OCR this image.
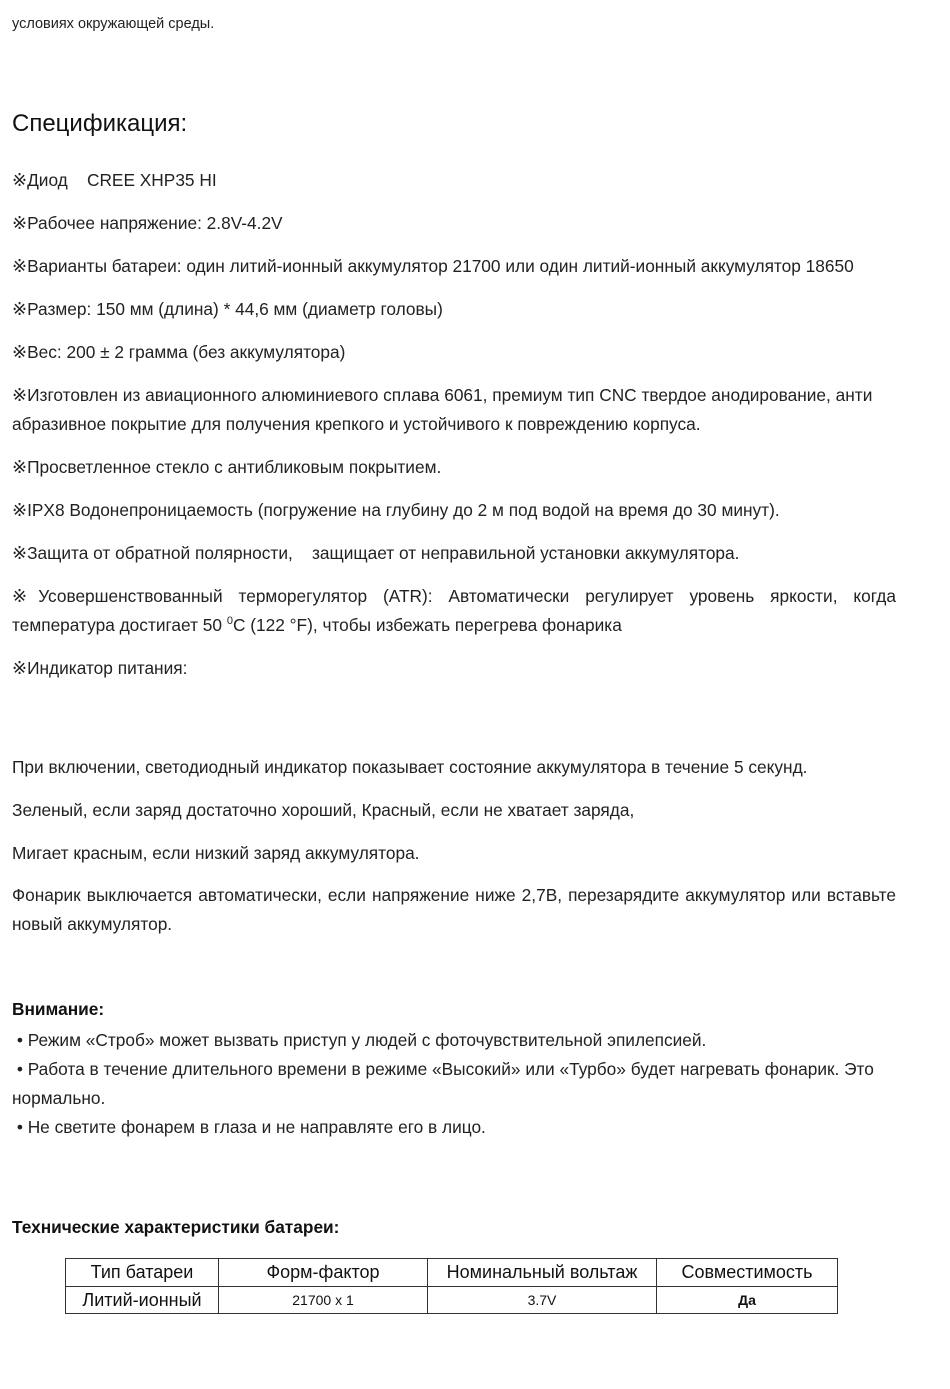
условиях окружающей среды.
Спецификация:
※Диод    CREE XHP35 HI
※Рабочее напряжение: 2.8V-4.2V
※Варианты батареи: один литий-ионный аккумулятор 21700 или один литий-ионный аккумулятор 18650
※Размер: 150 мм (длина) * 44,6 мм (диаметр головы)
※Вес: 200 ± 2 грамма (без аккумулятора)
※Изготовлен из авиационного алюминиевого сплава 6061, премиум тип CNC твердое анодирование, анти абразивное покрытие для получения крепкого и устойчивого к повреждению корпуса.
※Просветленное стекло с антибликовым покрытием.
※IPX8 Водонепроницаемость (погружение на глубину до 2 м под водой на время до 30 минут).
※Защита от обратной полярности,    защищает от неправильной установки аккумулятора.
※Усовершенствованный терморегулятор (ATR): Автоматически регулирует уровень яркости, когда температура достигает 50 $^0$C (122 °F), чтобы избежать перегрева фонарика
※Индикатор питания:

При включении, светодиодный индикатор показывает состояние аккумулятора в течение 5 секунд.

Зеленый, если заряд достаточно хороший, Красный, если не хватает заряда,

Мигает красным, если низкий заряд аккумулятора.

Фонарик выключается автоматически, если напряжение ниже 2,7В, перезарядите аккумулятор или вставьте новый аккумулятор.

Внимание:
• Режим «Строб» может вызвать приступ у людей с фоточувствительной эпилепсией.
• Работа в течение длительного времени в режиме «Высокий» или «Турбо» будет нагревать фонарик. Это нормально.
• Не светите фонарем в глаза и не направляте его в лицо.
Технические характеристики батареи:
Тип батареи	Форм-фактор	Номинальный вольтаж	Совместимость
Литий-ионный	21700 x 1	3.7V	Да
